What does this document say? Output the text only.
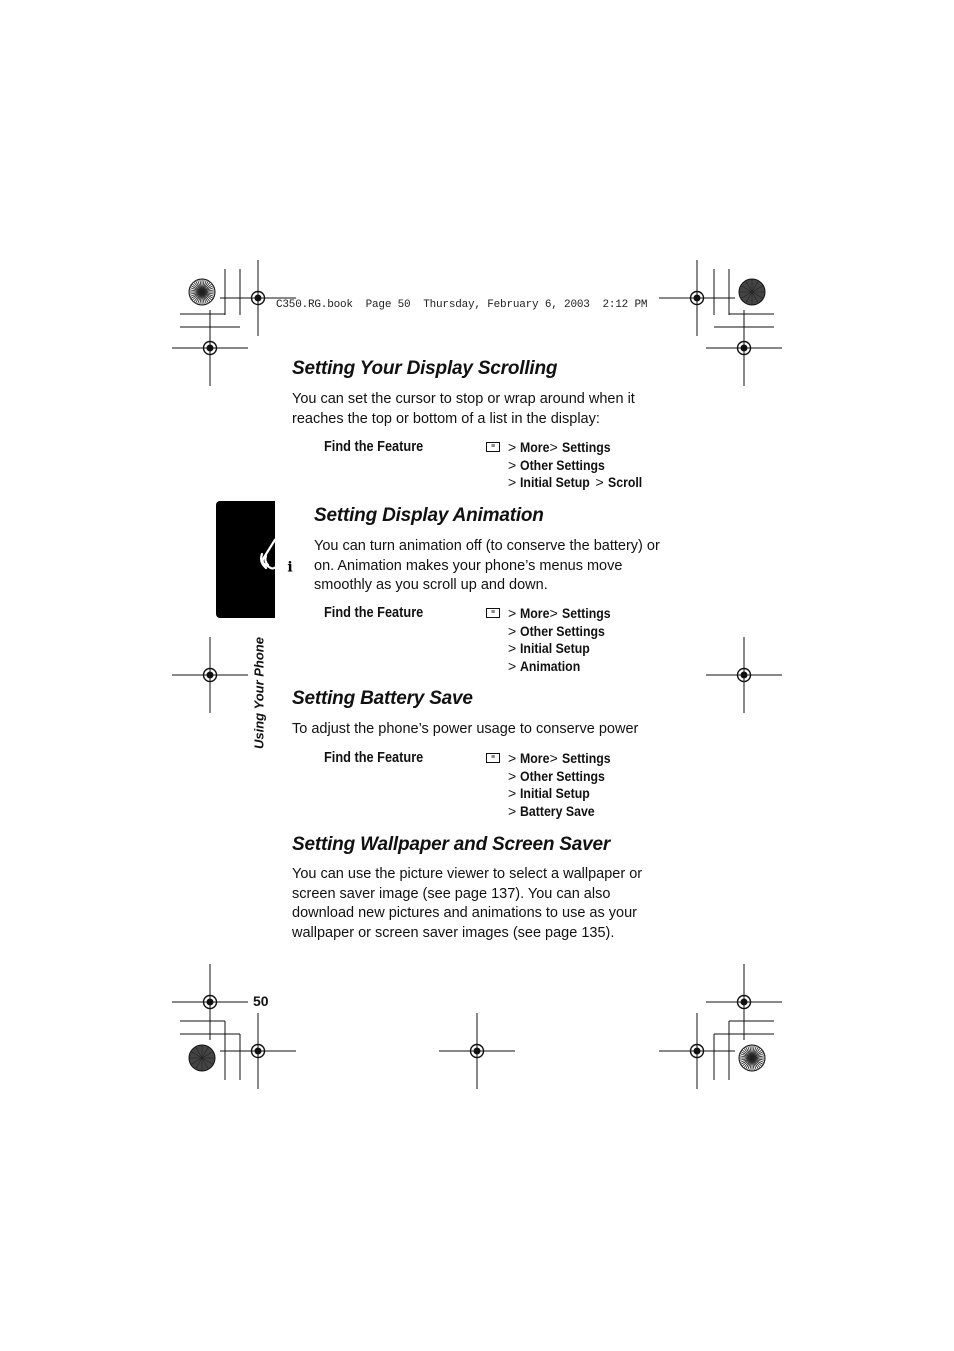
C350.RG.book  Page 50  Thursday, February 6, 2003  2:12 PM
i
Using Your Phone
Setting Your Display Scrolling
You can set the cursor to stop or wrap around when it
reaches the top or bottom of a list in the display:
Find the Feature	≡ > More> Settings
> Other Settings
> Initial Setup > Scroll
Setting Display Animation
You can turn animation off (to conserve the battery) or
on. Animation makes your phone’s menus move
smoothly as you scroll up and down.
Find the Feature	≡ > More> Settings
> Other Settings
> Initial Setup
> Animation
Setting Battery Save
To adjust the phone’s power usage to conserve power
Find the Feature	≡ > More> Settings
> Other Settings
> Initial Setup
> Battery Save
Setting Wallpaper and Screen Saver
You can use the picture viewer to select a wallpaper or
screen saver image (see page 137). You can also
download new pictures and animations to use as your
wallpaper or screen saver images (see page 135).
50
